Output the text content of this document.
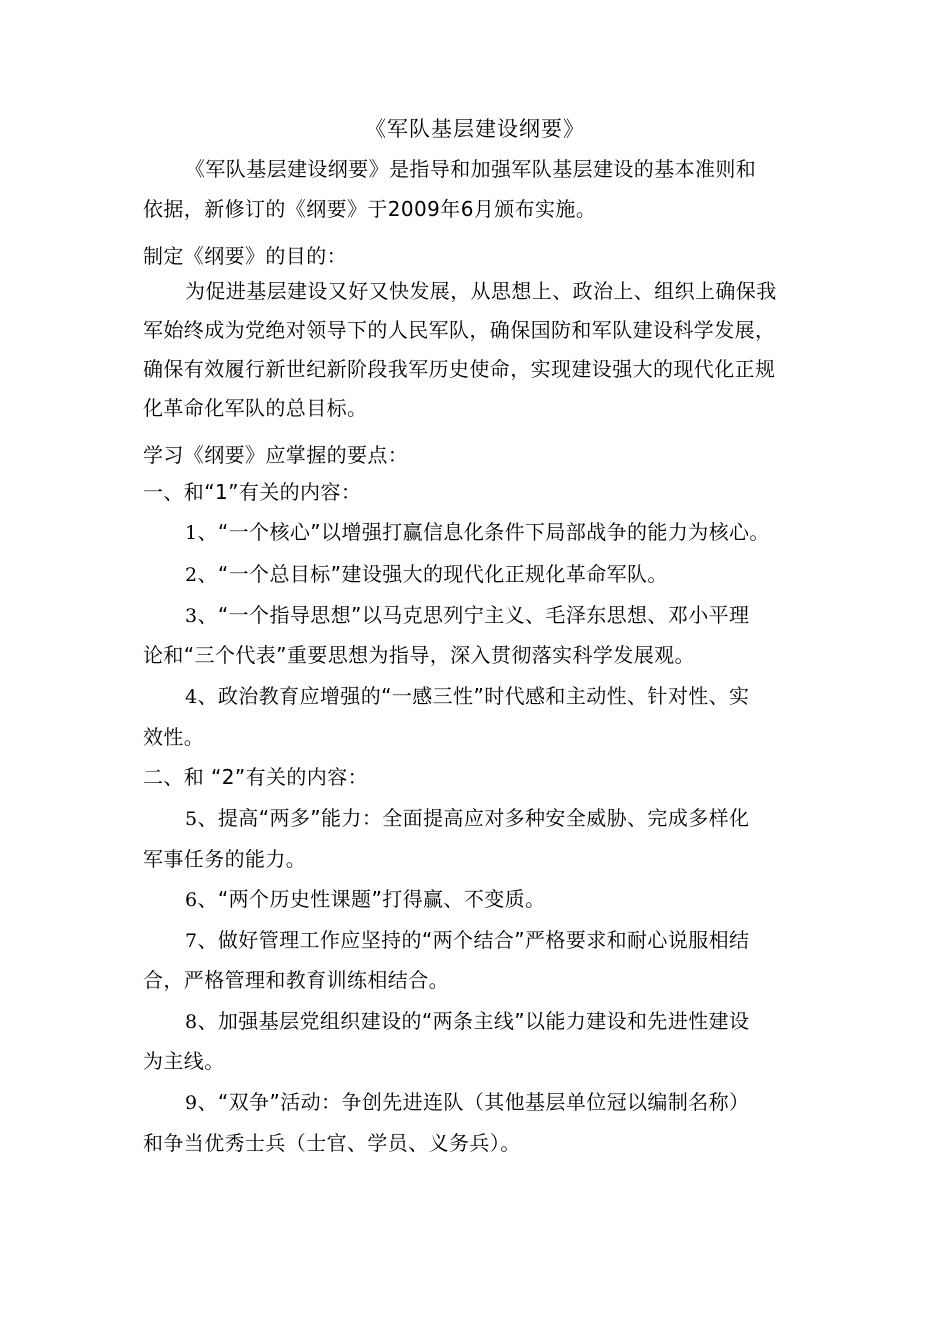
《军队基层建设纲要》

《军队基层建设纲要》是指导和加强军队基层建设的基本准则和

依据，新修订的《纲要》于2009年6月颁布实施。

制定《纲要》的目的：

为促进基层建设又好又快发展，从思想上、政治上、组织上确保我

军始终成为党绝对领导下的人民军队，确保国防和军队建设科学发展，

确保有效履行新世纪新阶段我军历史使命，实现建设强大的现代化正规

化革命化军队的总目标。

学习《纲要》应掌握的要点：

一、和“1”有关的内容：

1、“一个核心”以增强打赢信息化条件下局部战争的能力为核心。

2、“一个总目标”建设强大的现代化正规化革命军队。

3、“一个指导思想”以马克思列宁主义、毛泽东思想、邓小平理

论和“三个代表”重要思想为指导，深入贯彻落实科学发展观。

4、政治教育应增强的“一感三性”时代感和主动性、针对性、实

效性。

二、和 “2”有关的内容：

5、提高“两多”能力：全面提高应对多种安全威胁、完成多样化

军事任务的能力。

6、“两个历史性课题”打得赢、不变质。

7、做好管理工作应坚持的“两个结合”严格要求和耐心说服相结

合，严格管理和教育训练相结合。

8、加强基层党组织建设的“两条主线”以能力建设和先进性建设

为主线。

9、“双争”活动：争创先进连队（其他基层单位冠以编制名称）

和争当优秀士兵（士官、学员、义务兵）。
